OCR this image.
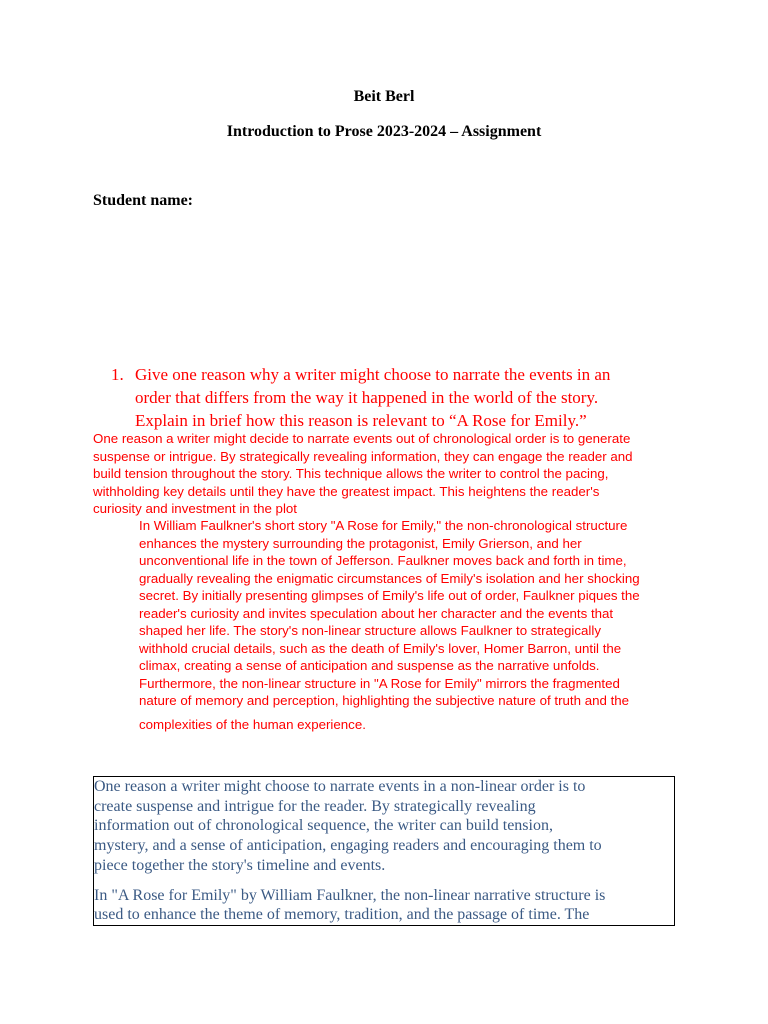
Beit Berl
Introduction to Prose 2023-2024 – Assignment
Student name:
1. Give one reason why a writer might choose to narrate the events in an
order that differs from the way it happened in the world of the story.
Explain in brief how this reason is relevant to “A Rose for Emily.”
One reason a writer might decide to narrate events out of chronological order is to generate
suspense or intrigue. By strategically revealing information, they can engage the reader and
build tension throughout the story. This technique allows the writer to control the pacing,
withholding key details until they have the greatest impact. This heightens the reader's
curiosity and investment in the plot
In William Faulkner's short story "A Rose for Emily," the non-chronological structure
enhances the mystery surrounding the protagonist, Emily Grierson, and her
unconventional life in the town of Jefferson. Faulkner moves back and forth in time,
gradually revealing the enigmatic circumstances of Emily's isolation and her shocking
secret. By initially presenting glimpses of Emily's life out of order, Faulkner piques the
reader's curiosity and invites speculation about her character and the events that
shaped her life. The story's non-linear structure allows Faulkner to strategically
withhold crucial details, such as the death of Emily's lover, Homer Barron, until the
climax, creating a sense of anticipation and suspense as the narrative unfolds.
Furthermore, the non-linear structure in "A Rose for Emily" mirrors the fragmented
nature of memory and perception, highlighting the subjective nature of truth and the
complexities of the human experience.
One reason a writer might choose to narrate events in a non-linear order is to
create suspense and intrigue for the reader. By strategically revealing
information out of chronological sequence, the writer can build tension,
mystery, and a sense of anticipation, engaging readers and encouraging them to
piece together the story's timeline and events.
In "A Rose for Emily" by William Faulkner, the non-linear narrative structure is
used to enhance the theme of memory, tradition, and the passage of time. The
